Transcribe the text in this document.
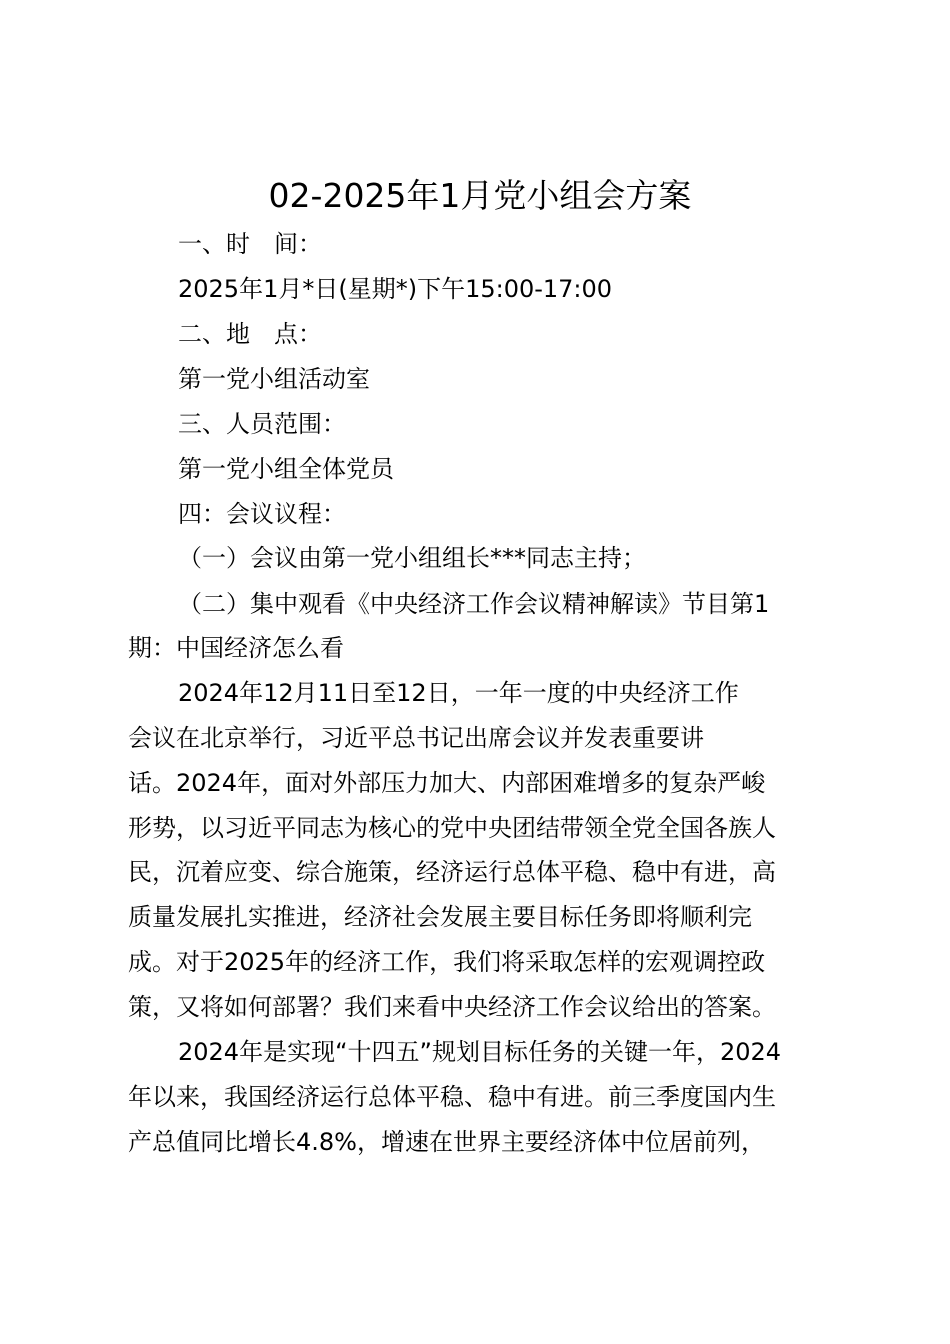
02-2025年1月党小组会方案
一、时　间：
2025年1月*日(星期*)下午15:00-17:00
二、地　点：
第一党小组活动室
三、人员范围：
第一党小组全体党员
四：会议议程：
（一）会议由第一党小组组长***同志主持；
（二）集中观看《中央经济工作会议精神解读》节目第1
期：中国经济怎么看
2024年12月11日至12日，一年一度的中央经济工作
会议在北京举行，习近平总书记出席会议并发表重要讲
话。2024年，面对外部压力加大、内部困难增多的复杂严峻
形势，以习近平同志为核心的党中央团结带领全党全国各族人
民，沉着应变、综合施策，经济运行总体平稳、稳中有进，高
质量发展扎实推进，经济社会发展主要目标任务即将顺利完
成。对于2025年的经济工作，我们将采取怎样的宏观调控政
策，又将如何部署？我们来看中央经济工作会议给出的答案。
2024年是实现“十四五”规划目标任务的关键一年，2024
年以来，我国经济运行总体平稳、稳中有进。前三季度国内生
产总值同比增长4.8%，增速在世界主要经济体中位居前列，
